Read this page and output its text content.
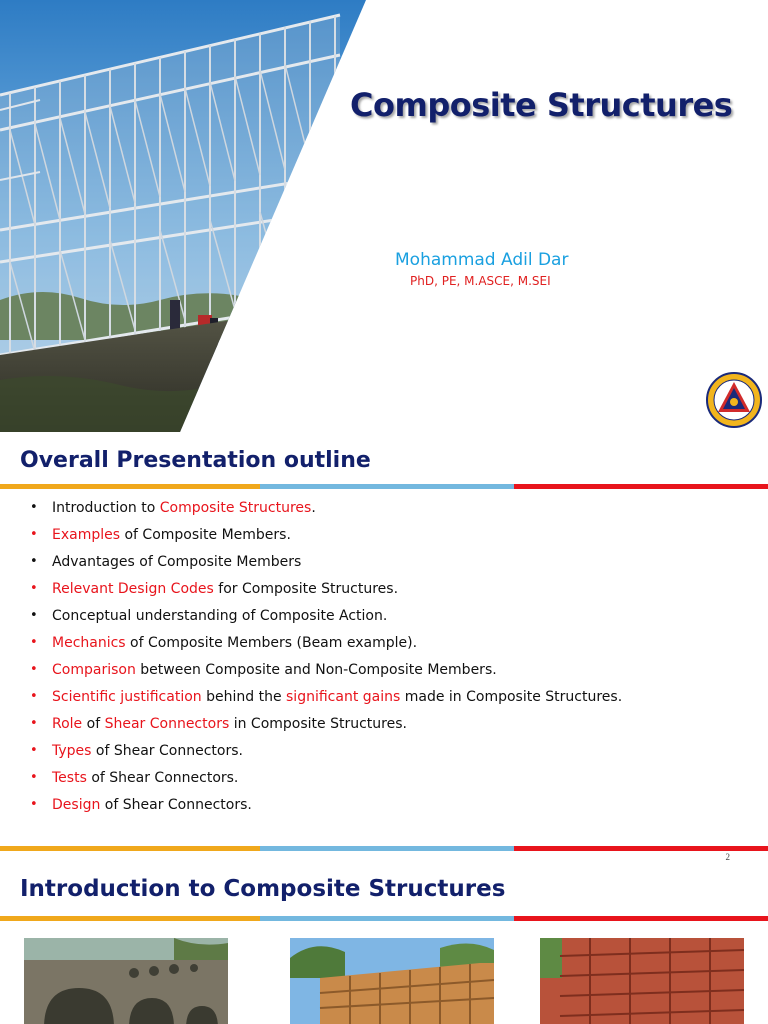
Composite Structures
Mohammad Adil Dar
PhD, PE, M.ASCE, M.SEI
Overall Presentation outline
•	Introduction to Composite Structures.
•	Examples of Composite Members.
•	Advantages of Composite Members
•	Relevant Design Codes for Composite Structures.
•	Conceptual understanding of Composite Action.
•	Mechanics of Composite Members (Beam example).
•	Comparison between Composite and Non-Composite Members.
•	Scientific justification behind the significant gains made in Composite Structures.
•	Role of Shear Connectors in Composite Structures.
•	Types of Shear Connectors.
•	Tests of Shear Connectors.
•	Design of Shear Connectors.
2
Introduction to Composite Structures
